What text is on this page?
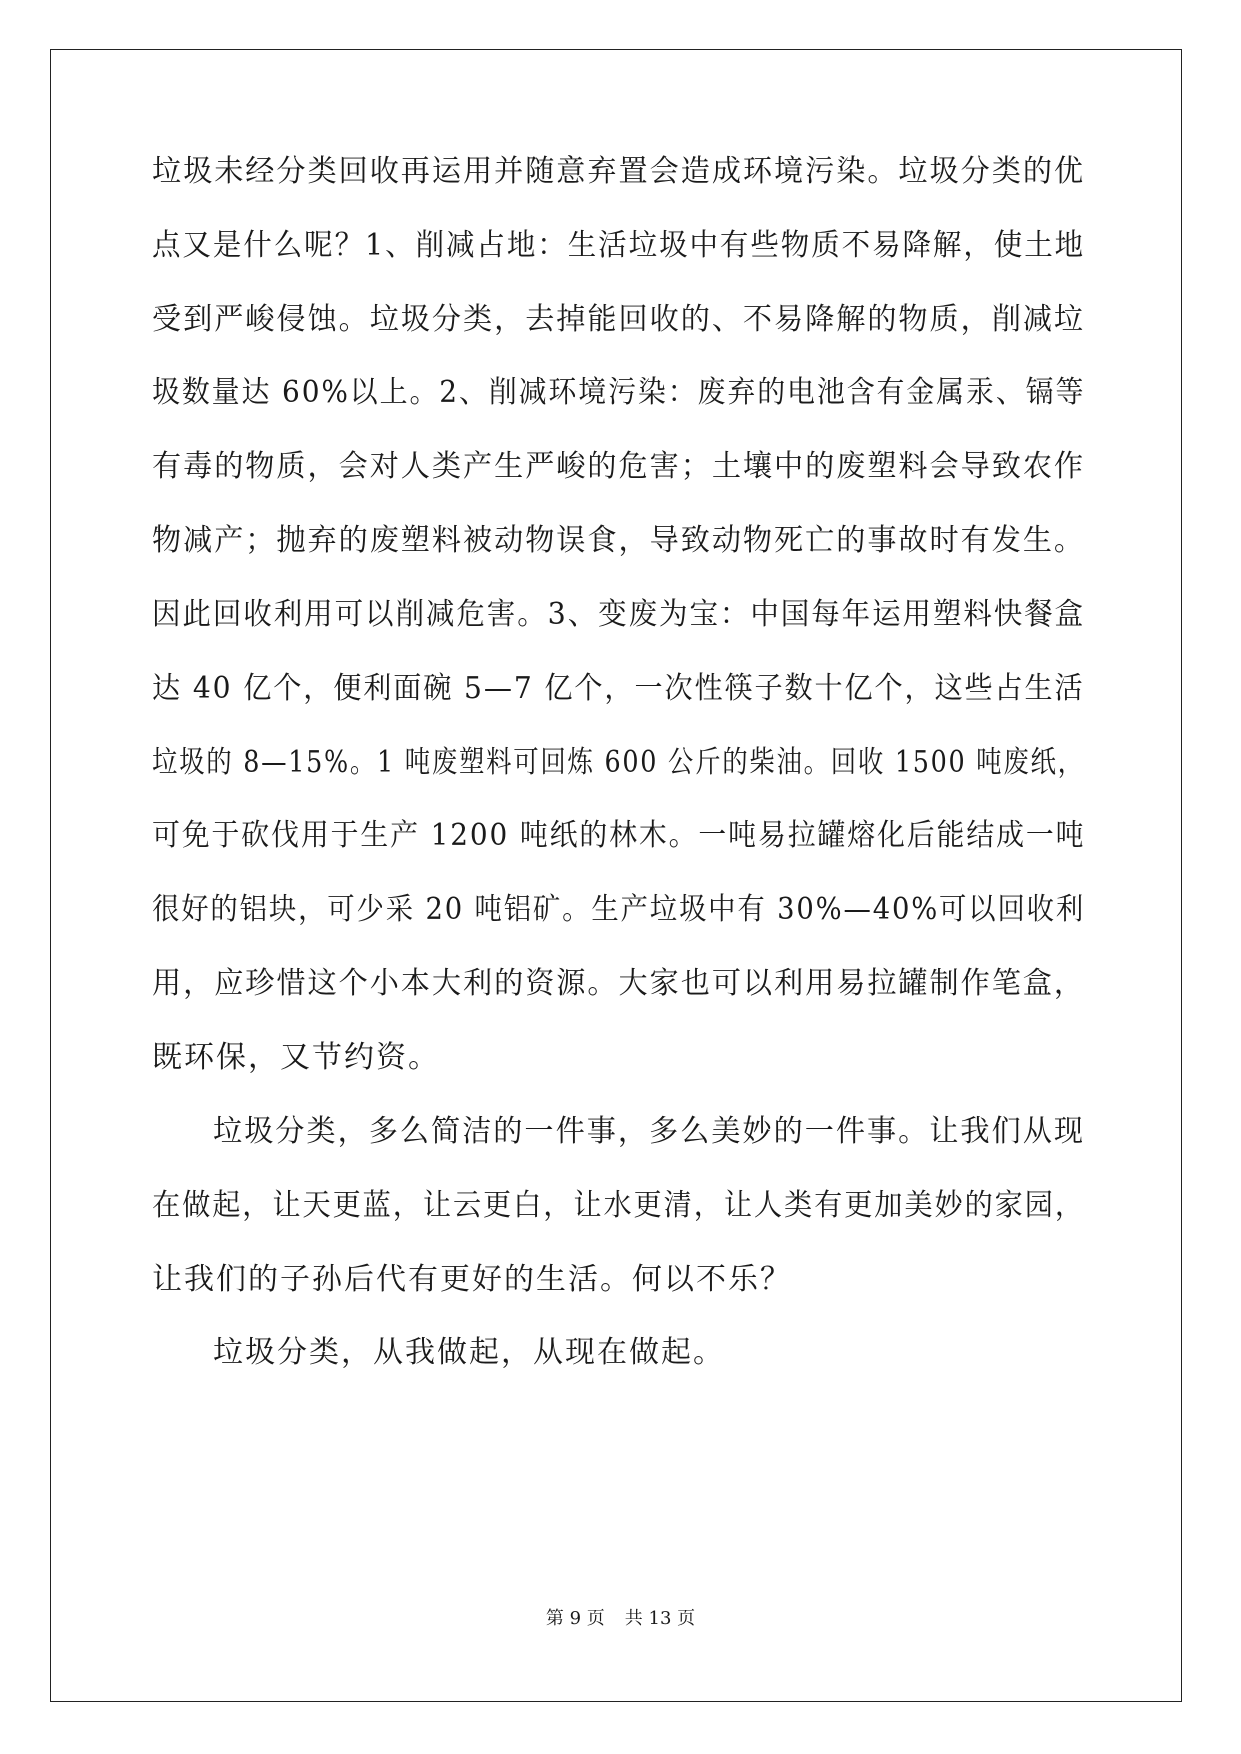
垃圾未经分类回收再运用并随意弃置会造成环境污染。垃圾分类的优
点又是什么呢？1、削减占地：生活垃圾中有些物质不易降解，使土地
受到严峻侵蚀。垃圾分类，去掉能回收的、不易降解的物质，削减垃
圾数量达 60%以上。2、削减环境污染：废弃的电池含有金属汞、镉等
有毒的物质，会对人类产生严峻的危害；土壤中的废塑料会导致农作
物减产；抛弃的废塑料被动物误食，导致动物死亡的事故时有发生。
因此回收利用可以削减危害。3、变废为宝：中国每年运用塑料快餐盒
达 40 亿个，便利面碗 5—7 亿个，一次性筷子数十亿个，这些占生活
垃圾的 8—15%。1 吨废塑料可回炼 600 公斤的柴油。回收 1500 吨废纸，
可免于砍伐用于生产 1200 吨纸的林木。一吨易拉罐熔化后能结成一吨
很好的铝块，可少采 20 吨铝矿。生产垃圾中有 30%—40%可以回收利
用，应珍惜这个小本大利的资源。大家也可以利用易拉罐制作笔盒，
既环保，又节约资。
垃圾分类，多么简洁的一件事，多么美妙的一件事。让我们从现
在做起，让天更蓝，让云更白，让水更清，让人类有更加美妙的家园，
让我们的子孙后代有更好的生活。何以不乐？
垃圾分类，从我做起，从现在做起。
第 9 页 共 13 页
